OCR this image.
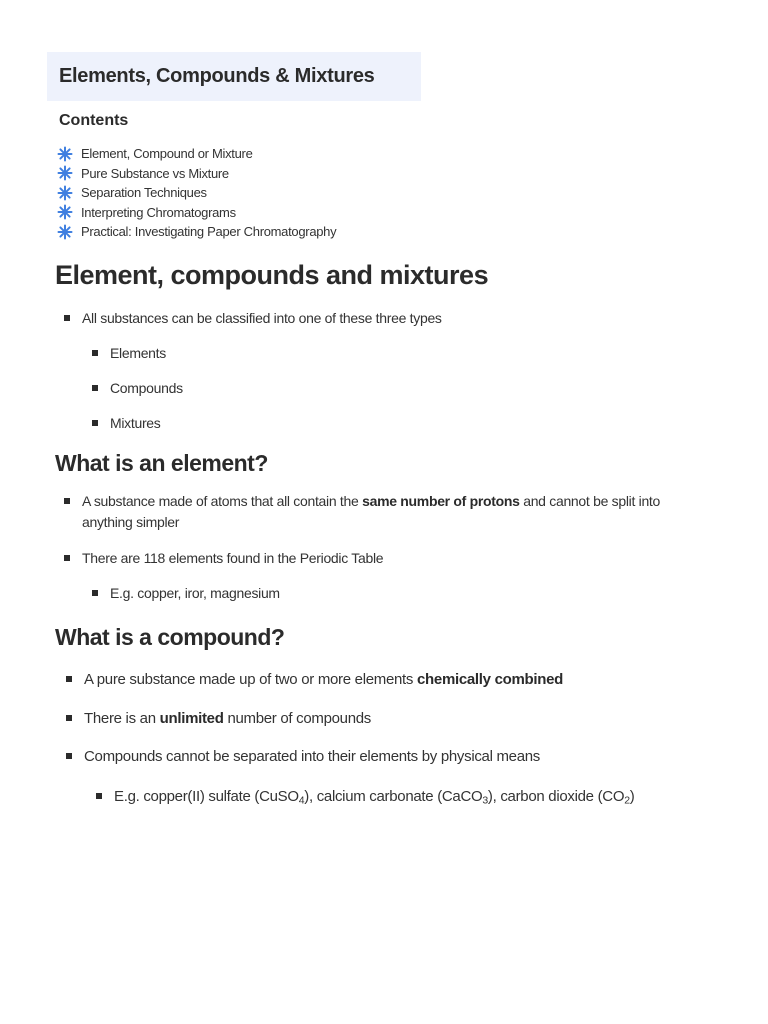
Elements, Compounds & Mixtures
Contents
Element, Compound or Mixture
Pure Substance vs Mixture
Separation Techniques
Interpreting Chromatograms
Practical: Investigating Paper Chromatography
Element, compounds and mixtures
All substances can be classified into one of these three types
Elements
Compounds
Mixtures
What is an element?
A substance made of atoms that all contain the same number of protons and cannot be split into anything simpler
There are 118 elements found in the Periodic Table
E.g. copper, iror, magnesium
What is a compound?
A pure substance made up of two or more elements chemically combined
There is an unlimited number of compounds
Compounds cannot be separated into their elements by physical means
E.g. copper(II) sulfate (CuSO$_4$), calcium carbonate (CaCO$_3$), carbon dioxide $(CO_2)$
